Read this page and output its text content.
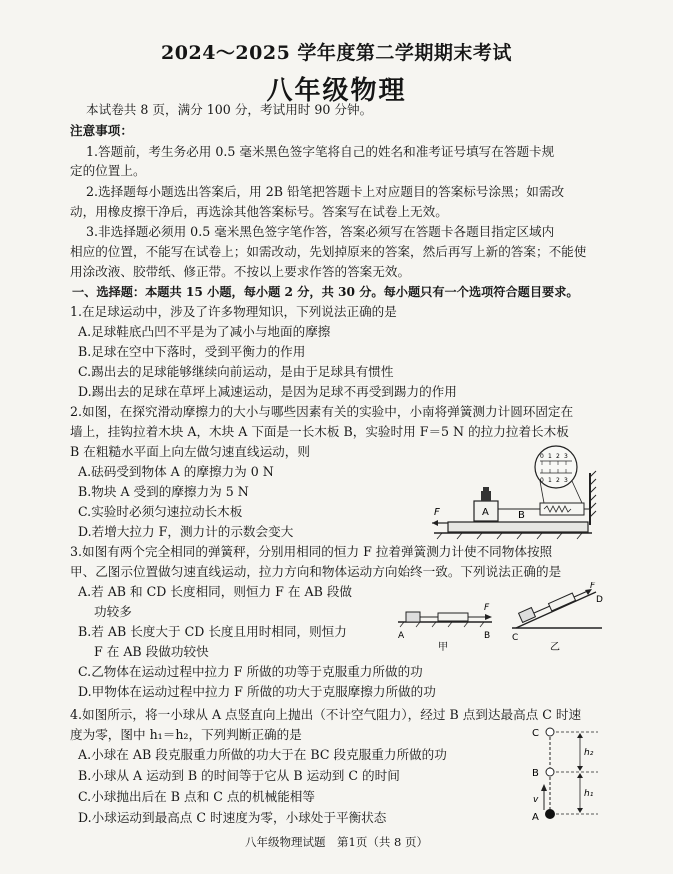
2024～2025 学年度第二学期期末考试
八年级物理
本试卷共 8 页，满分 100 分，考试用时 90 分钟。
注意事项：
1.答题前，考生务必用 0.5 毫米黑色签字笔将自己的姓名和准考证号填写在答题卡规
定的位置上。
2.选择题每小题选出答案后，用 2B 铅笔把答题卡上对应题目的答案标号涂黑；如需改
动，用橡皮擦干净后，再选涂其他答案标号。答案写在试卷上无效。
3.非选择题必须用 0.5 毫米黑色签字笔作答，答案必须写在答题卡各题目指定区域内
相应的位置，不能写在试卷上；如需改动，先划掉原来的答案，然后再写上新的答案；不能使
用涂改液、胶带纸、修正带。不按以上要求作答的答案无效。
一、选择题：本题共 15 小题，每小题 2 分，共 30 分。每小题只有一个选项符合题目要求。
1.在足球运动中，涉及了许多物理知识，下列说法正确的是
A.足球鞋底凸凹不平是为了减小与地面的摩擦
B.足球在空中下落时，受到平衡力的作用
C.踢出去的足球能够继续向前运动，是由于足球具有惯性
D.踢出去的足球在草坪上减速运动，是因为足球不再受到踢力的作用
2.如图，在探究滑动摩擦力的大小与哪些因素有关的实验中，小南将弹簧测力计圆环固定在
墙上，挂钩拉着木块 A，木块 A 下面是一长木板 B，实验时用 F＝5 N 的拉力拉着长木板
B 在粗糙水平面上向左做匀速直线运动，则
A.砝码受到物体 A 的摩擦力为 0 N
B.物块 A 受到的摩擦力为 5 N
C.实验时必须匀速拉动长木板
D.若增大拉力 F，测力计的示数会变大
B
A
F
0 1 2 3
0 1 2 3
3.如图有两个完全相同的弹簧秤，分别用相同的恒力 F 拉着弹簧测力计使不同物体按照
甲、乙图示位置做匀速直线运动，拉力方向和物体运动方向始终一致。下列说法正确的是
A.若 AB 和 CD 长度相同，则恒力 F 在 AB 段做
功较多
B.若 AB 长度大于 CD 长度且用时相同，则恒力
F 在 AB 段做功较快
C.乙物体在运动过程中拉力 F 所做的功等于克服重力所做的功
D.甲物体在运动过程中拉力 F 所做的功大于克服摩擦力所做的功
F
A	B
甲
F
C
D
乙
4.如图所示，将一小球从 A 点竖直向上抛出（不计空气阻力），经过 B 点到达最高点 C 时速
度为零，图中 h₁＝h₂，下列判断正确的是
A.小球在 AB 段克服重力所做的功大于在 BC 段克服重力所做的功
B.小球从 A 运动到 B 的时间等于它从 B 运动到 C 的时间
C.小球抛出后在 B 点和 C 点的机械能相等
D.小球运动到最高点 C 时速度为零，小球处于平衡状态
C
B
A
v
h₂
h₁
八年级物理试题　第1页（共 8 页）
